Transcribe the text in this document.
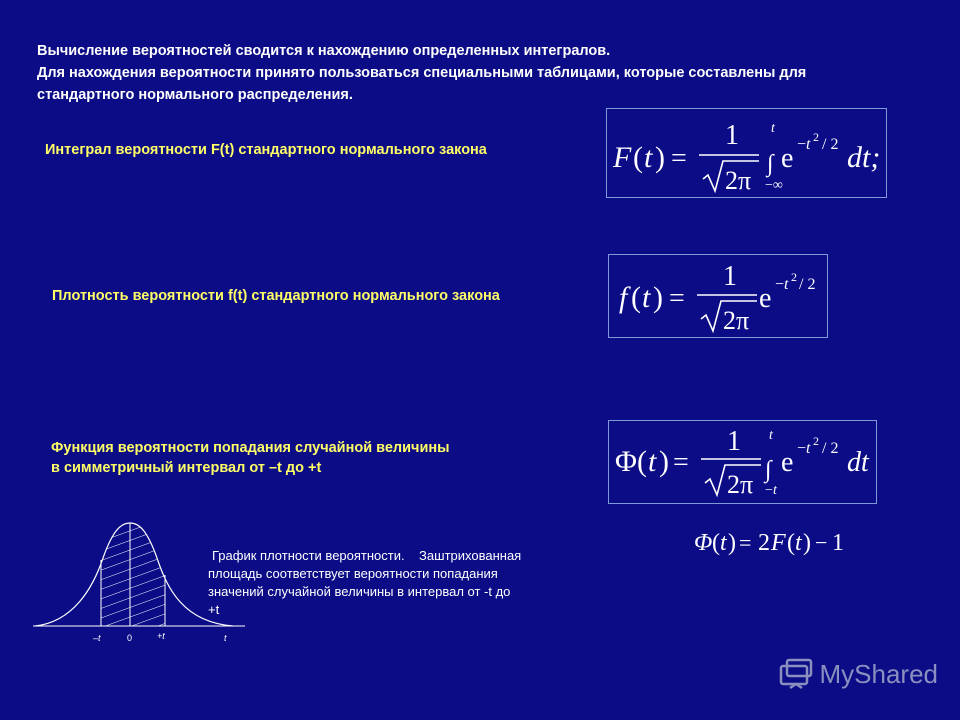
Вычисление вероятностей сводится к нахождению определенных интегралов.
Для нахождения вероятности принято пользоваться специальными таблицами, которые составлены для
стандартного нормального распределения.
Интеграл вероятности F(t) стандартного нормального закона	F ( t ) =
1
2π
t
∫
−∞
e − t 2 / 2 dt;
Плотность вероятности f(t) стандартного нормального закона	f ( t ) =
1
2π
e − t 2 / 2
Функция вероятности попадания случайной величины
в симметричный интервал от –t до +t	Φ ( t ) =
1
2π
t
∫
− t
e − t 2 / 2 dt
Φ ( t ) = 2 F ( t ) − 1
–t	0	+t	t
График плотности вероятности.    Заштрихованная
площадь соответствует вероятности попадания
значений случайной величины в интервал от -t до
+t
MyShared
